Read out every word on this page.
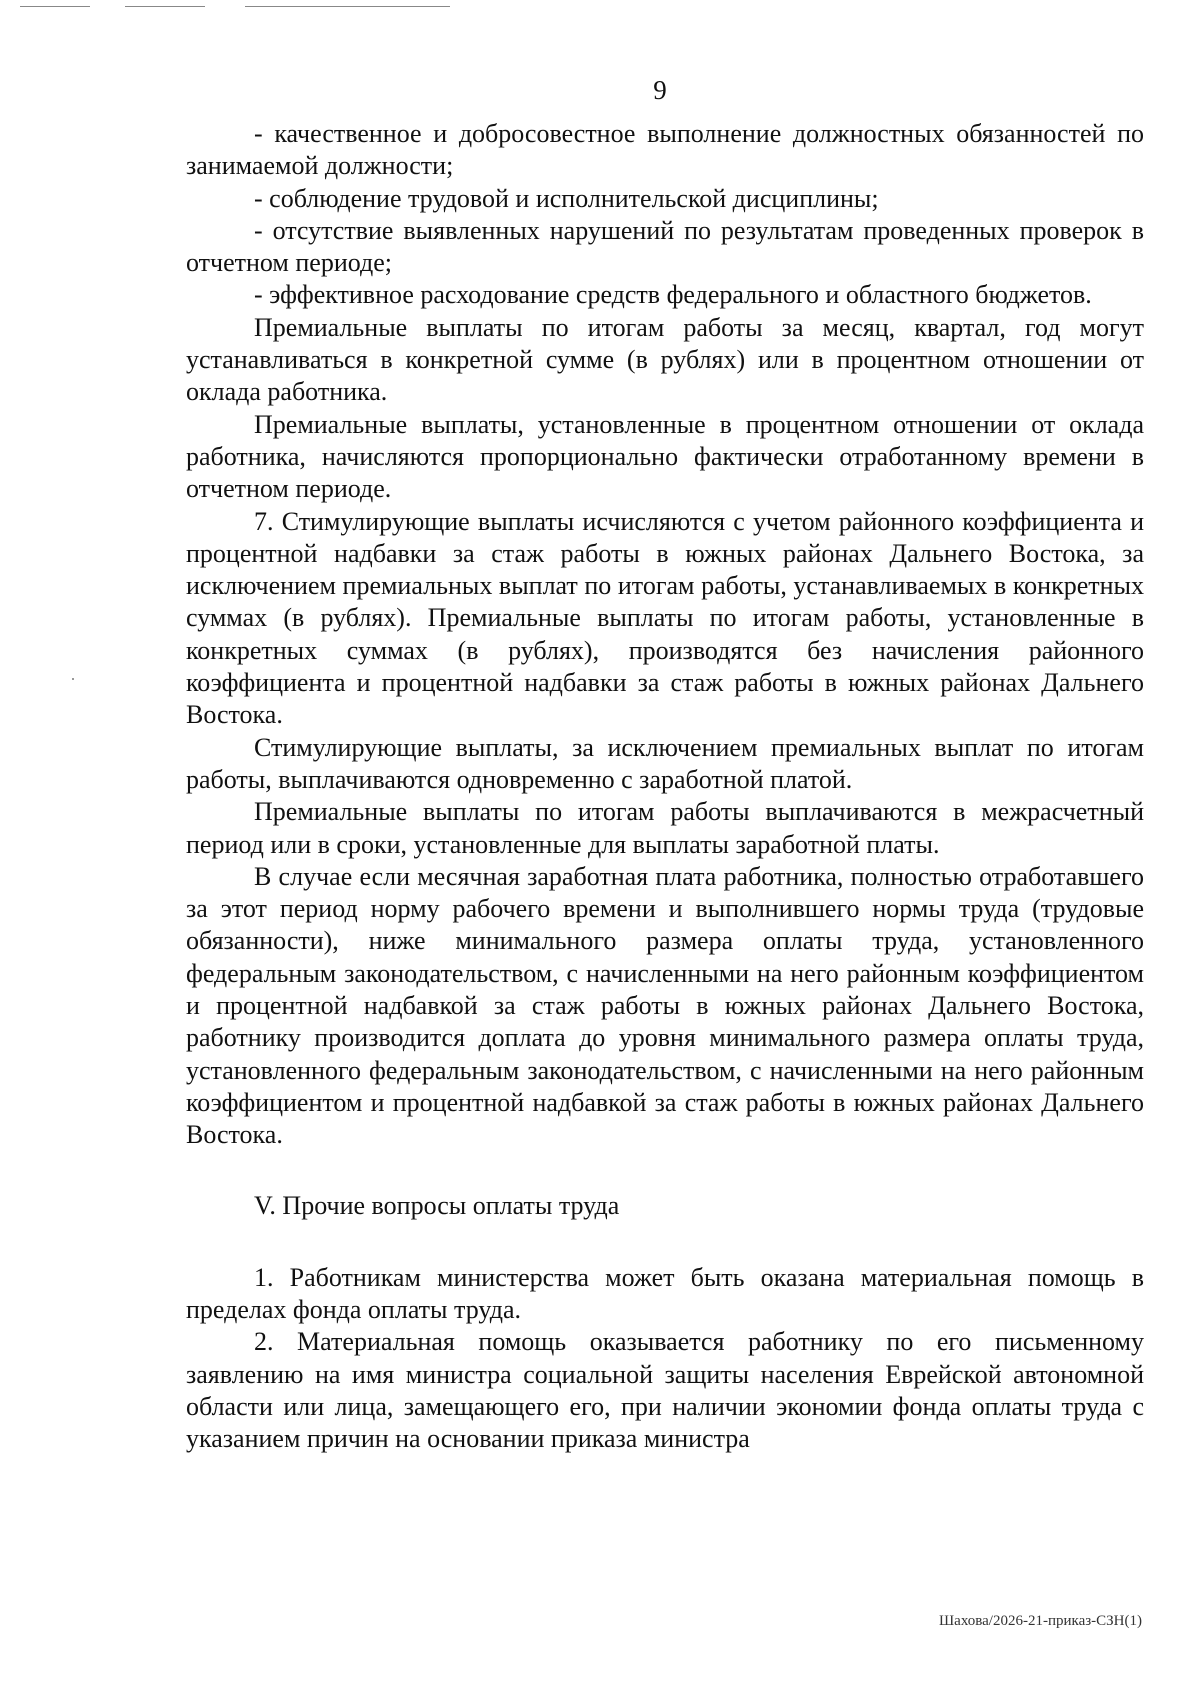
9

- качественное и добросовестное выполнение должностных обязанностей по занимаемой должности;

- соблюдение трудовой и исполнительской дисциплины;

- отсутствие выявленных нарушений по результатам проведенных проверок в отчетном периоде;

- эффективное расходование средств федерального и областного бюджетов.

Премиальные выплаты по итогам работы за месяц, квартал, год могут устанавливаться в конкретной сумме (в рублях) или в процентном отношении от оклада работника.

Премиальные выплаты, установленные в процентном отношении от оклада работника, начисляются пропорционально фактически отработанному времени в отчетном периоде.

7. Стимулирующие выплаты исчисляются с учетом районного коэффициента и процентной надбавки за стаж работы в южных районах Дальнего Востока, за исключением премиальных выплат по итогам работы, устанавливаемых в конкретных суммах (в рублях). Премиальные выплаты по итогам работы, установленные в конкретных суммах (в рублях), производятся без начисления районного коэффициента и процентной надбавки за стаж работы в южных районах Дальнего Востока.

Стимулирующие выплаты, за исключением премиальных выплат по итогам работы, выплачиваются одновременно с заработной платой.

Премиальные выплаты по итогам работы выплачиваются в межрасчетный период или в сроки, установленные для выплаты заработной платы.

В случае если месячная заработная плата работника, полностью отработавшего за этот период норму рабочего времени и выполнившего нормы труда (трудовые обязанности), ниже минимального размера оплаты труда, установленного федеральным законодательством, с начисленными на него районным коэффициентом и процентной надбавкой за стаж работы в южных районах Дальнего Востока, работнику производится доплата до уровня минимального размера оплаты труда, установленного федеральным законодательством, с начисленными на него районным коэффициентом и процентной надбавкой за стаж работы в южных районах Дальнего Востока.

V. Прочие вопросы оплаты труда

1. Работникам министерства может быть оказана материальная помощь в пределах фонда оплаты труда.

2. Материальная помощь оказывается работнику по его письменному заявлению на имя министра социальной защиты населения Еврейской автономной области или лица, замещающего его, при наличии экономии фонда оплаты труда с указанием причин на основании приказа министра

Шахова/2026-21-приказ-СЗН(1)
